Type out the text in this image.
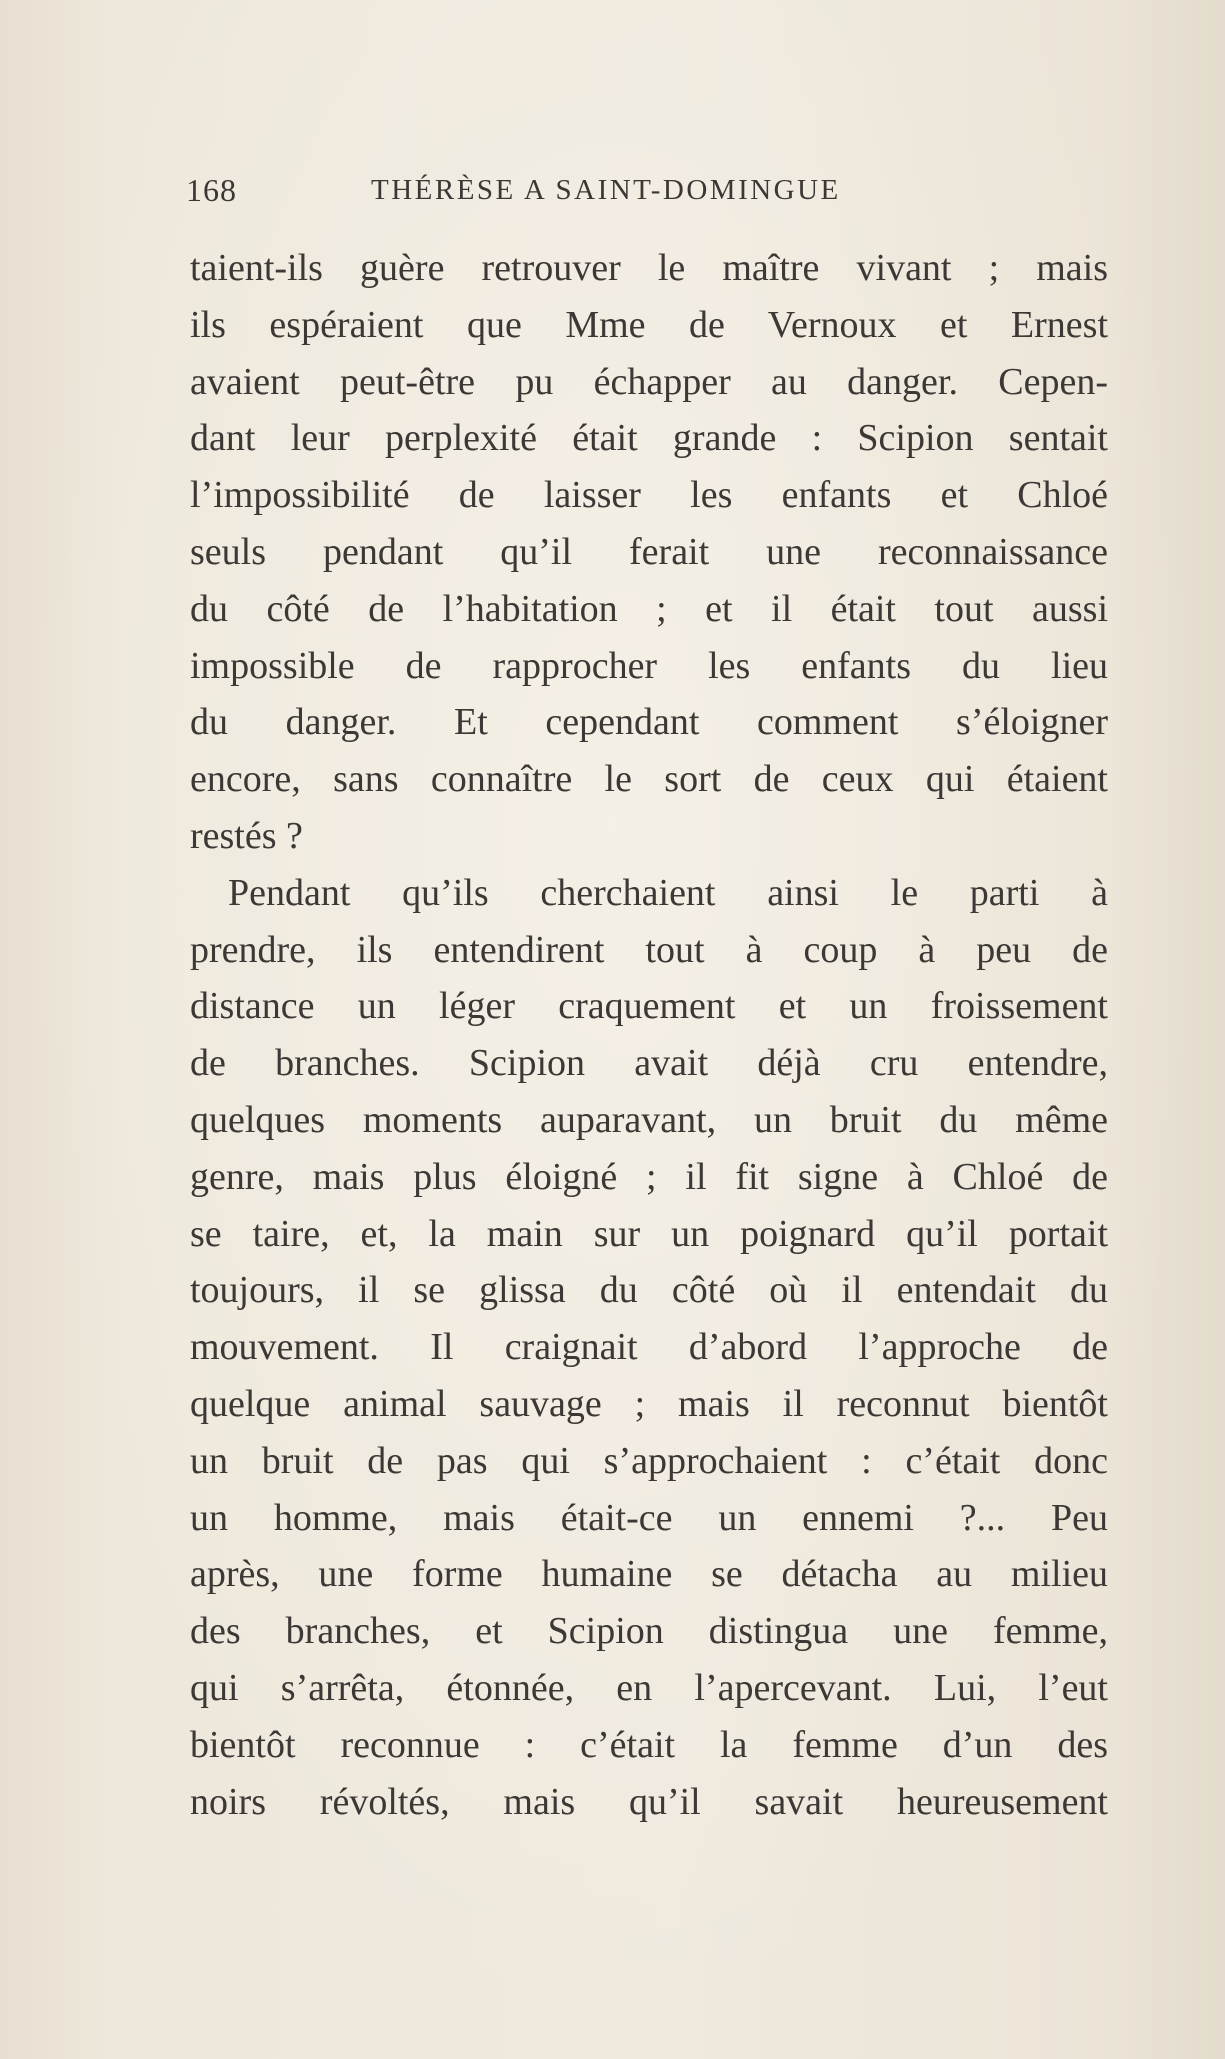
168	THÉRÈSE A SAINT-DOMINGUE
taient-ils guère retrouver le maître vivant ; mais
ils espéraient que Mme de Vernoux et Ernest
avaient peut-être pu échapper au danger. Cepen-
dant leur perplexité était grande : Scipion sentait
l’impossibilité de laisser les enfants et Chloé
seuls pendant qu’il ferait une reconnaissance
du côté de l’habitation ; et il était tout aussi
impossible de rapprocher les enfants du lieu
du danger. Et cependant comment s’éloigner
encore, sans connaître le sort de ceux qui étaient
restés ?
Pendant qu’ils cherchaient ainsi le parti à
prendre, ils entendirent tout à coup à peu de
distance un léger craquement et un froissement
de branches. Scipion avait déjà cru entendre,
quelques moments auparavant, un bruit du même
genre, mais plus éloigné ; il fit signe à Chloé de
se taire, et, la main sur un poignard qu’il portait
toujours, il se glissa du côté où il entendait du
mouvement. Il craignait d’abord l’approche de
quelque animal sauvage ; mais il reconnut bientôt
un bruit de pas qui s’approchaient : c’était donc
un homme, mais était-ce un ennemi ?... Peu
après, une forme humaine se détacha au milieu
des branches, et Scipion distingua une femme,
qui s’arrêta, étonnée, en l’apercevant. Lui, l’eut
bientôt reconnue : c’était la femme d’un des
noirs révoltés, mais qu’il savait heureusement
